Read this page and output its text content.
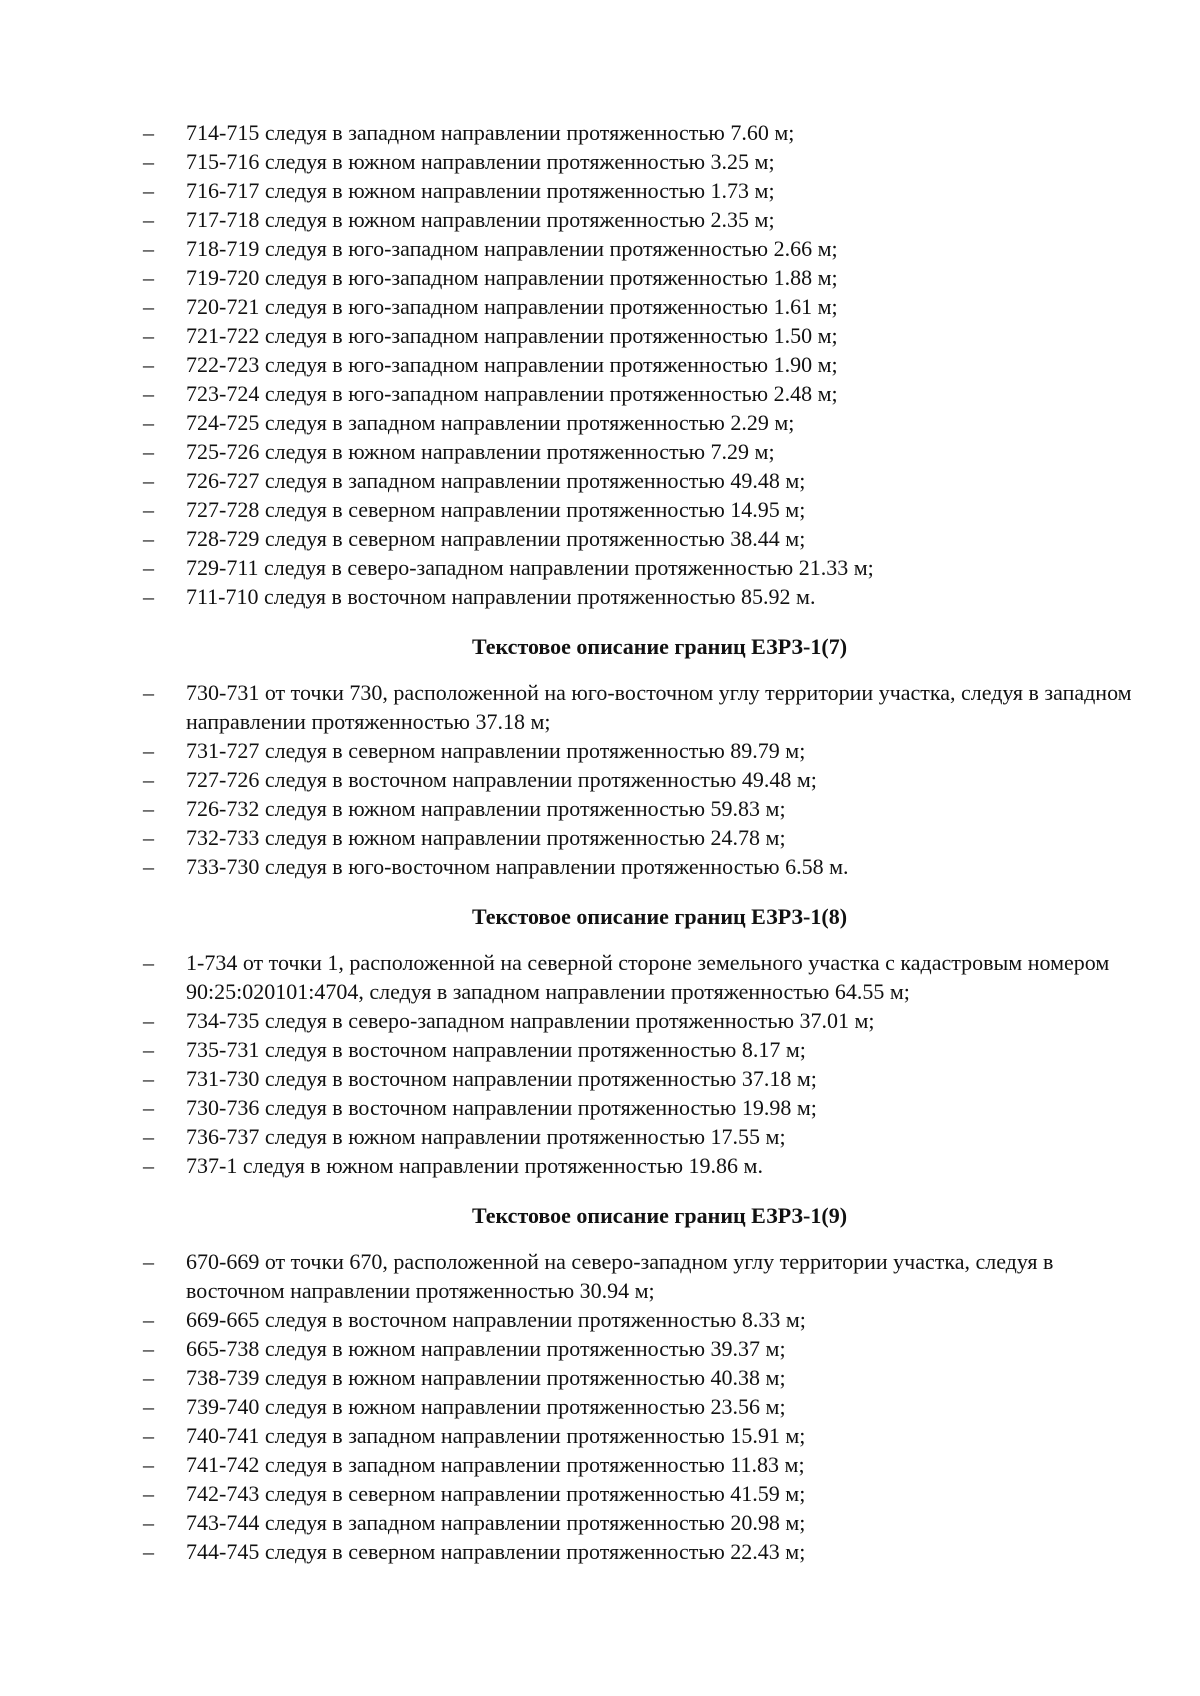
–	714-715 следуя в западном направлении протяженностью 7.60 м;
–	715-716 следуя в южном направлении протяженностью 3.25 м;
–	716-717 следуя в южном направлении протяженностью 1.73 м;
–	717-718 следуя в южном направлении протяженностью 2.35 м;
–	718-719 следуя в юго-западном направлении протяженностью 2.66 м;
–	719-720 следуя в юго-западном направлении протяженностью 1.88 м;
–	720-721 следуя в юго-западном направлении протяженностью 1.61 м;
–	721-722 следуя в юго-западном направлении протяженностью 1.50 м;
–	722-723 следуя в юго-западном направлении протяженностью 1.90 м;
–	723-724 следуя в юго-западном направлении протяженностью 2.48 м;
–	724-725 следуя в западном направлении протяженностью 2.29 м;
–	725-726 следуя в южном направлении протяженностью 7.29 м;
–	726-727 следуя в западном направлении протяженностью 49.48 м;
–	727-728 следуя в северном направлении протяженностью 14.95 м;
–	728-729 следуя в северном направлении протяженностью 38.44 м;
–	729-711 следуя в северо-западном направлении протяженностью 21.33 м;
–	711-710 следуя в восточном направлении протяженностью 85.92 м.
Текстовое описание границ ЕЗРЗ-1(7)
–	730-731 от точки 730, расположенной на юго-восточном углу территории участка, следуя в западном направлении протяженностью 37.18 м;
–	731-727 следуя в северном направлении протяженностью 89.79 м;
–	727-726 следуя в восточном направлении протяженностью 49.48 м;
–	726-732 следуя в южном направлении протяженностью 59.83 м;
–	732-733 следуя в южном направлении протяженностью 24.78 м;
–	733-730 следуя в юго-восточном направлении протяженностью 6.58 м.
Текстовое описание границ ЕЗРЗ-1(8)
–	1-734 от точки 1, расположенной на северной стороне земельного участка с кадастровым номером 90:25:020101:4704, следуя в западном направлении протяженностью 64.55 м;
–	734-735 следуя в северо-западном направлении протяженностью 37.01 м;
–	735-731 следуя в восточном направлении протяженностью 8.17 м;
–	731-730 следуя в восточном направлении протяженностью 37.18 м;
–	730-736 следуя в восточном направлении протяженностью 19.98 м;
–	736-737 следуя в южном направлении протяженностью 17.55 м;
–	737-1 следуя в южном направлении протяженностью 19.86 м.
Текстовое описание границ ЕЗРЗ-1(9)
–	670-669 от точки 670, расположенной на северо-западном углу территории участка, следуя в восточном направлении протяженностью 30.94 м;
–	669-665 следуя в восточном направлении протяженностью 8.33 м;
–	665-738 следуя в южном направлении протяженностью 39.37 м;
–	738-739 следуя в южном направлении протяженностью 40.38 м;
–	739-740 следуя в южном направлении протяженностью 23.56 м;
–	740-741 следуя в западном направлении протяженностью 15.91 м;
–	741-742 следуя в западном направлении протяженностью 11.83 м;
–	742-743 следуя в северном направлении протяженностью 41.59 м;
–	743-744 следуя в западном направлении протяженностью 20.98 м;
–	744-745 следуя в северном направлении протяженностью 22.43 м;
